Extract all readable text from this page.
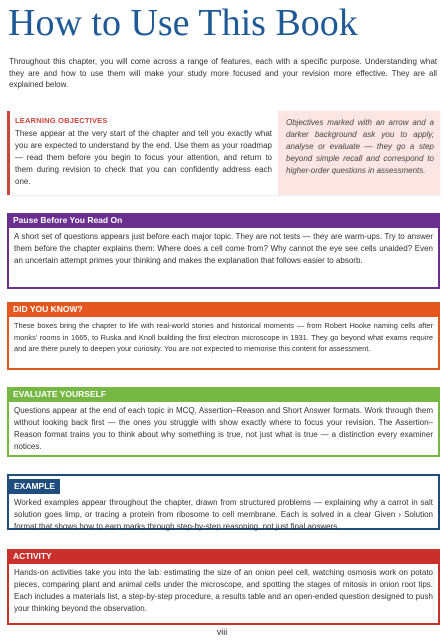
How to Use This Book

Throughout this chapter, you will come across a range of features, each with a specific purpose. Understanding what they are and how to use them will make your study more focused and your revision more effective. They are all explained below.

LEARNING OBJECTIVES
These appear at the very start of the chapter and tell you exactly what you are expected to understand by the end. Use them as your roadmap — read them before you begin to focus your attention, and return to them during revision to check that you can confidently address each one.
Objectives marked with an arrow and a darker background ask you to apply, analyse or evaluate — they go a step beyond simple recall and correspond to higher-order questions in assessments.
Pause Before You Read On
A short set of questions appears just before each major topic. They are not tests — they are warm-ups. Try to answer them before the chapter explains them: Where does a cell come from? Why cannot the eye see cells unaided? Even an uncertain attempt primes your thinking and makes the explanation that follows easier to absorb.
DID YOU KNOW?
These boxes bring the chapter to life with real-world stories and historical moments — from Robert Hooke naming cells after monks' rooms in 1665, to Ruska and Knoll building the first electron microscope in 1931. They go beyond what exams require and are there purely to deepen your curiosity. You are not expected to memorise this content for assessment.
EVALUATE YOURSELF
Questions appear at the end of each topic in MCQ, Assertion–Reason and Short Answer formats. Work through them without looking back first — the ones you struggle with show exactly where to focus your revision. The Assertion–Reason format trains you to think about why something is true, not just what is true — a distinction every examiner notices.
EXAMPLE
Worked examples appear throughout the chapter, drawn from structured problems — explaining why a carrot in salt solution goes limp, or tracing a protein from ribosome to cell membrane. Each is solved in a clear Given › Solution format that shows how to earn marks through step-by-step reasoning, not just final answers.
ACTIVITY
Hands-on activities take you into the lab: estimating the size of an onion peel cell, watching osmosis work on potato pieces, comparing plant and animal cells under the microscope, and spotting the stages of mitosis in onion root tips. Each includes a materials list, a step-by-step procedure, a results table and an open-ended question designed to push your thinking beyond the observation.
viii
